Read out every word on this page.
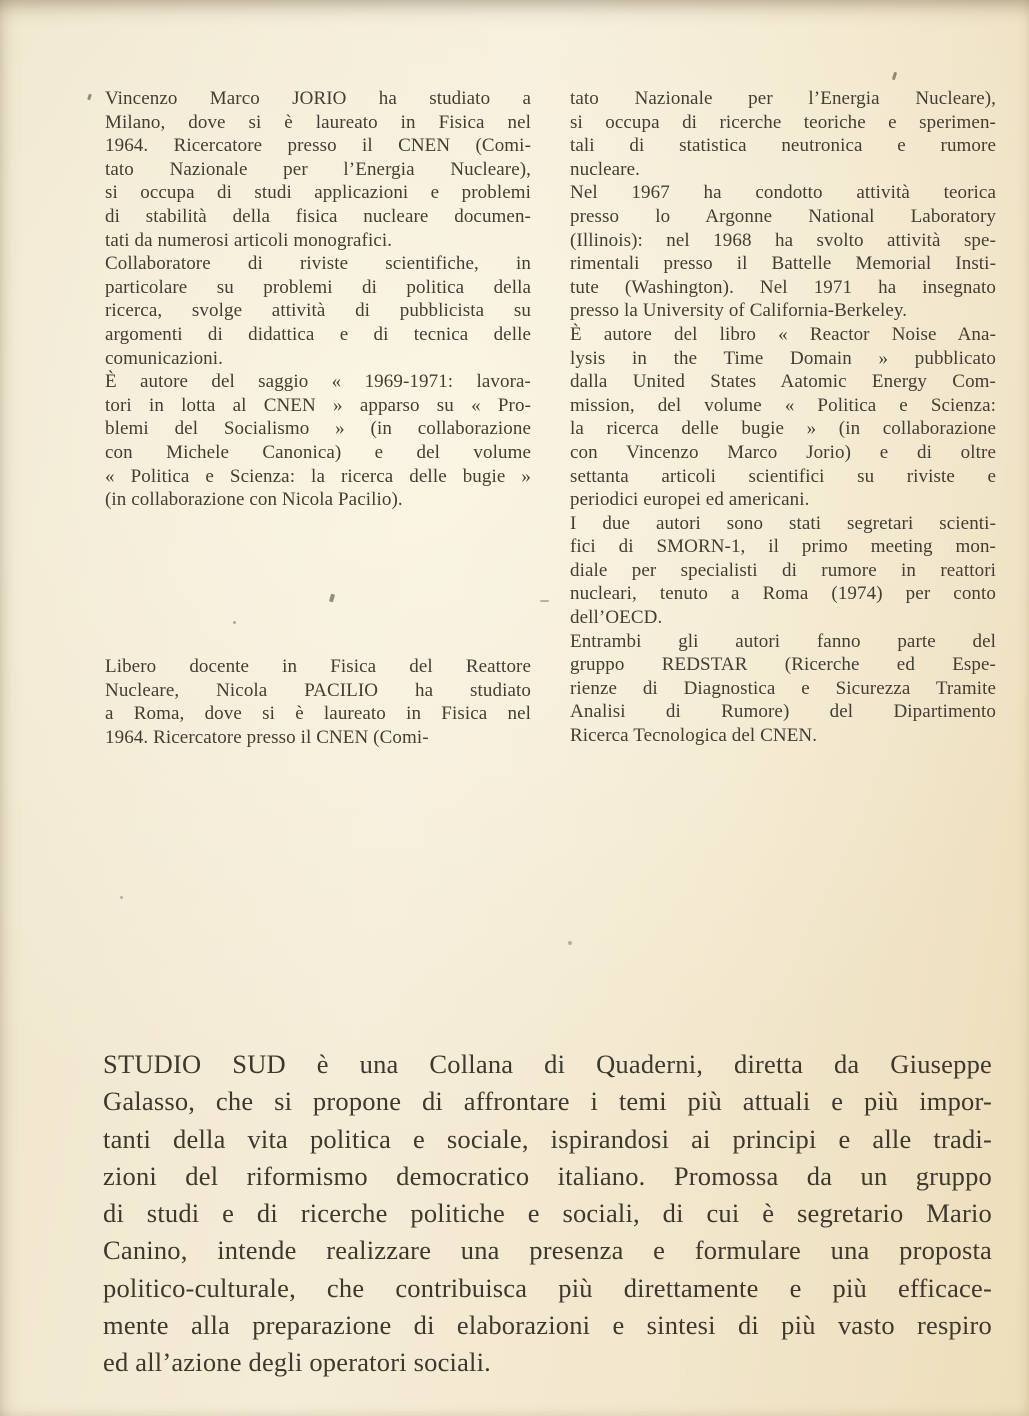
Vincenzo Marco JORIO ha studiato a
Milano, dove si è laureato in Fisica nel
1964. Ricercatore presso il CNEN (Comi-
tato Nazionale per l’Energia Nucleare),
si occupa di studi applicazioni e problemi
di stabilità della fisica nucleare documen-
tati da numerosi articoli monografici.
Collaboratore di riviste scientifiche, in
particolare su problemi di politica della
ricerca, svolge attività di pubblicista su
argomenti di didattica e di tecnica delle
comunicazioni.
È autore del saggio « 1969-1971: lavora-
tori in lotta al CNEN » apparso su « Pro-
blemi del Socialismo » (in collaborazione
con Michele Canonica) e del volume
« Politica e Scienza: la ricerca delle bugie »
(in collaborazione con Nicola Pacilio).
Libero docente in Fisica del Reattore
Nucleare, Nicola PACILIO ha studiato
a Roma, dove si è laureato in Fisica nel
1964. Ricercatore presso il CNEN (Comi-
tato Nazionale per l’Energia Nucleare),
si occupa di ricerche teoriche e sperimen-
tali di statistica neutronica e rumore
nucleare.
Nel 1967 ha condotto attività teorica
presso lo Argonne National Laboratory
(Illinois): nel 1968 ha svolto attività spe-
rimentali presso il Battelle Memorial Insti-
tute (Washington). Nel 1971 ha insegnato
presso la University of California-Berkeley.
È autore del libro « Reactor Noise Ana-
lysis in the Time Domain » pubblicato
dalla United States Aatomic Energy Com-
mission, del volume « Politica e Scienza:
la ricerca delle bugie » (in collaborazione
con Vincenzo Marco Jorio) e di oltre
settanta articoli scientifici su riviste e
periodici europei ed americani.
I due autori sono stati segretari scienti-
fici di SMORN-1, il primo meeting mon-
diale per specialisti di rumore in reattori
nucleari, tenuto a Roma (1974) per conto
dell’OECD.
Entrambi gli autori fanno parte del
gruppo REDSTAR (Ricerche ed Espe-
rienze di Diagnostica e Sicurezza Tramite
Analisi di Rumore) del Dipartimento
Ricerca Tecnologica del CNEN.
STUDIO SUD è una Collana di Quaderni, diretta da Giuseppe
Galasso, che si propone di affrontare i temi più attuali e più impor-
tanti della vita politica e sociale, ispirandosi ai principi e alle tradi-
zioni del riformismo democratico italiano. Promossa da un gruppo
di studi e di ricerche politiche e sociali, di cui è segretario Mario
Canino, intende realizzare una presenza e formulare una proposta
politico-culturale, che contribuisca più direttamente e più efficace-
mente alla preparazione di elaborazioni e sintesi di più vasto respiro
ed all’azione degli operatori sociali.
